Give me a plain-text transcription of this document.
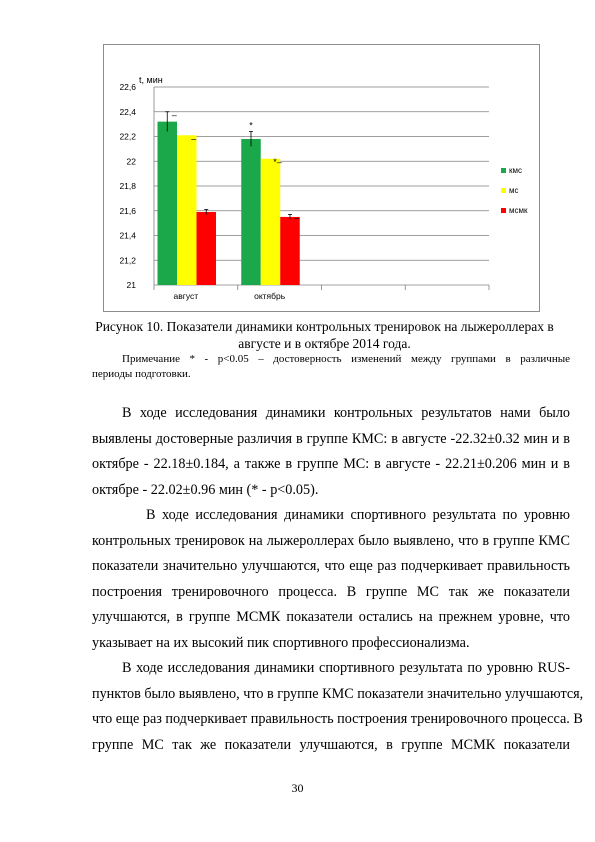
21
21,2
21,4
21,6
21,8
22
22,2
22,4
22,6
t, мин
август	октябрь
–
–
*
*–
–
кмс
мс
мсмк
Рисунок 10. Показатели динамики контрольных тренировок на лыжероллерах в
августе и в октябре 2014 года.
Примечание * - р<0.05 – достоверность изменений между группами в различные
периоды подготовки.
В ходе исследования динамики контрольных результатов нами было
выявлены достоверные различия в группе КМС: в августе -22.32±0.32 мин и в
октябре - 22.18±0.184, а также в группе МС: в августе - 22.21±0.206 мин и в
октябре - 22.02±0.96 мин (* - р<0.05).
В ходе исследования динамики спортивного результата по уровню
контрольных тренировок на лыжероллерах было выявлено, что в группе КМС
показатели значительно улучшаются, что еще раз подчеркивает правильность
построения тренировочного процесса. В группе МС так же показатели
улучшаются, в группе МСМК показатели остались на прежнем уровне, что
указывает на их высокий пик спортивного профессионализма.
В ходе исследования динамики спортивного результата по уровню RUS-
пунктов было выявлено, что в группе КМС показатели значительно улучшаются,
что еще раз подчеркивает правильность построения тренировочного процесса. В
группе МС так же показатели улучшаются, в группе МСМК показатели
30
